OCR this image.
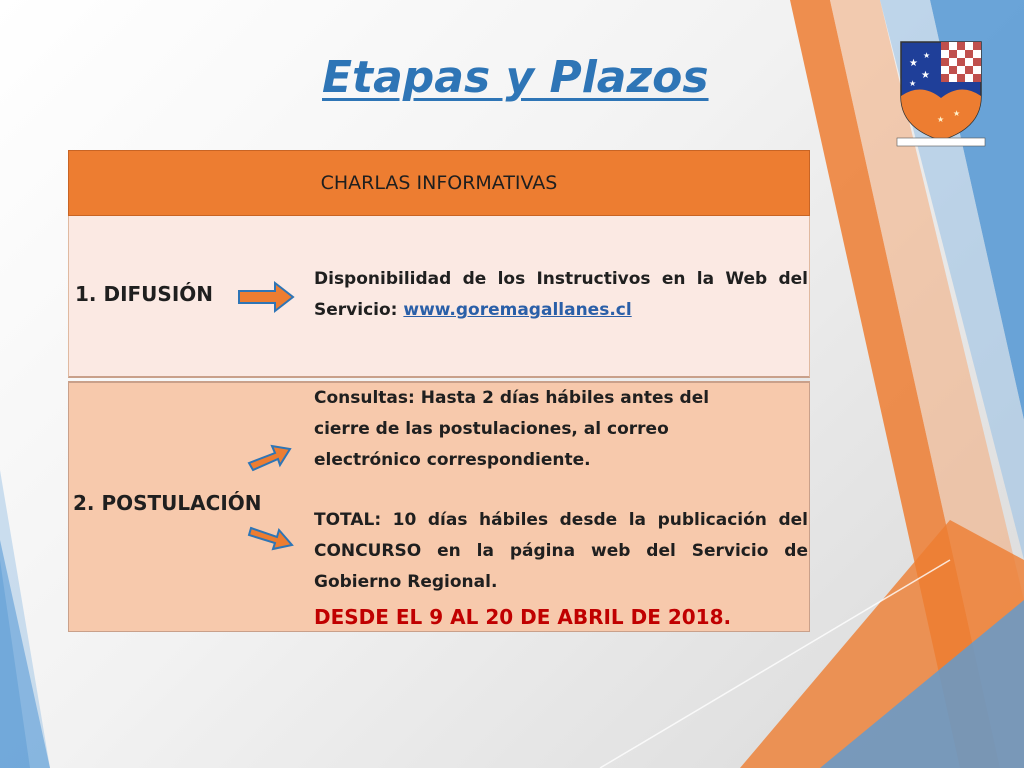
Etapas y Plazos	★
★
★
★
★
★
CHARLAS INFORMATIVAS
1. DIFUSIÓN
Disponibilidad de los Instructivos en la Web del Servicio: www.goremagallanes.cl
2. POSTULACIÓN
Consultas: Hasta 2 días hábiles antes del cierre de las postulaciones, al correo electrónico correspondiente.
TOTAL: 10 días hábiles desde la publicación del CONCURSO en la página web del Servicio de Gobierno Regional.
DESDE EL 9 AL 20 DE ABRIL DE 2018.
